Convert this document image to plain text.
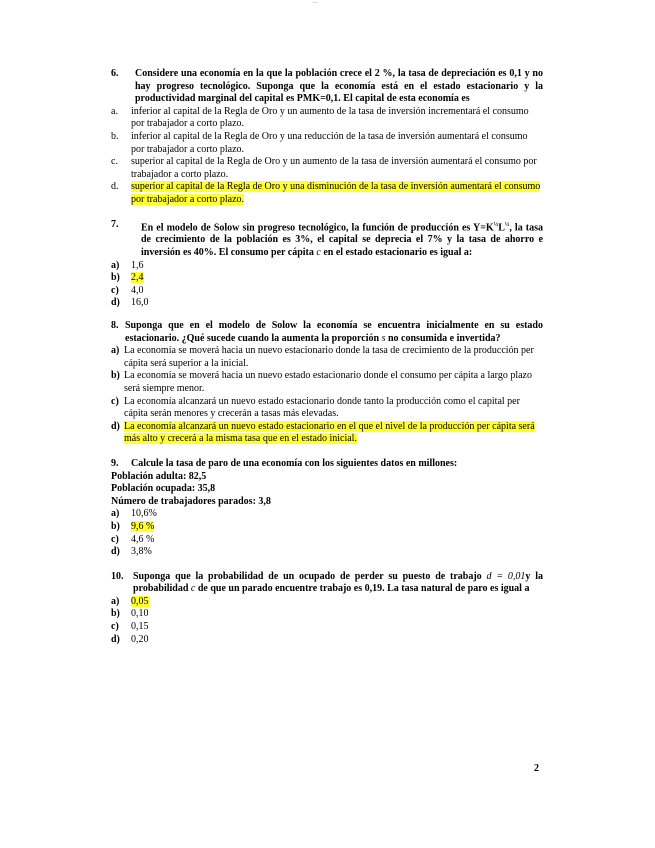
—
6.	Considere una economía en la que la población crece el 2 %, la tasa de depreciación es 0,1 y no hay progreso tecnológico. Suponga que la economía está en el estado estacionario y la productividad marginal del capital es PMK=0,1. El capital de esta economía es
a.	inferior al capital de la Regla de Oro y un aumento de la tasa de inversión incrementará el consumo por trabajador a corto plazo.
b.	inferior al capital de la Regla de Oro y una reducción de la tasa de inversión aumentará el consumo por trabajador a corto plazo.
c.	superior al capital de la Regla de Oro y un aumento de la tasa de inversión aumentará el consumo por trabajador a corto plazo.
d.	superior al capital de la Regla de Oro y una disminución de la tasa de inversión aumentará el consumo por trabajador a corto plazo.
7.	En el modelo de Solow sin progreso tecnológico, la función de producción es $Y=K^{\frac{1}{2}}L^{\frac{1}{2}}$, la tasa de crecimiento de la población es 3%, el capital se deprecia el 7% y la tasa de ahorro e inversión es 40%. El consumo per cápita c en el estado estacionario es igual a:
a)	1,6
b)	2,4
c)	4,0
d)	16,0
8. Suponga que en el modelo de Solow la economía se encuentra inicialmente en su estado estacionario. ¿Qué sucede cuando la aumenta la proporción s no consumida e invertida?
a) La economía se moverá hacia un nuevo estacionario donde la tasa de crecimiento de la producción per cápita será superior a la inicial.
b) La economía se moverá hacia un nuevo estado estacionario donde el consumo per cápita a largo plazo será siempre menor.
c) La economía alcanzará un nuevo estado estacionario donde tanto la producción como el capital per cápita serán menores y crecerán a tasas más elevadas.
d) La economía alcanzará un nuevo estado estacionario en el que el nivel de la producción per cápita será más alto y crecerá a la misma tasa que en el estado inicial.
9.	Calcule la tasa de paro de una economía con los siguientes datos en millones:
Población adulta: 82,5
Población ocupada: 35,8
Número de trabajadores parados: 3,8
a)	10,6%
b)	9,6 %
c)	4,6 %
d)	3,8%
10. Suponga que la probabilidad de un ocupado de perder su puesto de trabajo d = 0,01y la probabilidad c de que un parado encuentre trabajo es 0,19. La tasa natural de paro es igual a
a)	0,05
b)	0,10
c)	0,15
d)	0,20
2
